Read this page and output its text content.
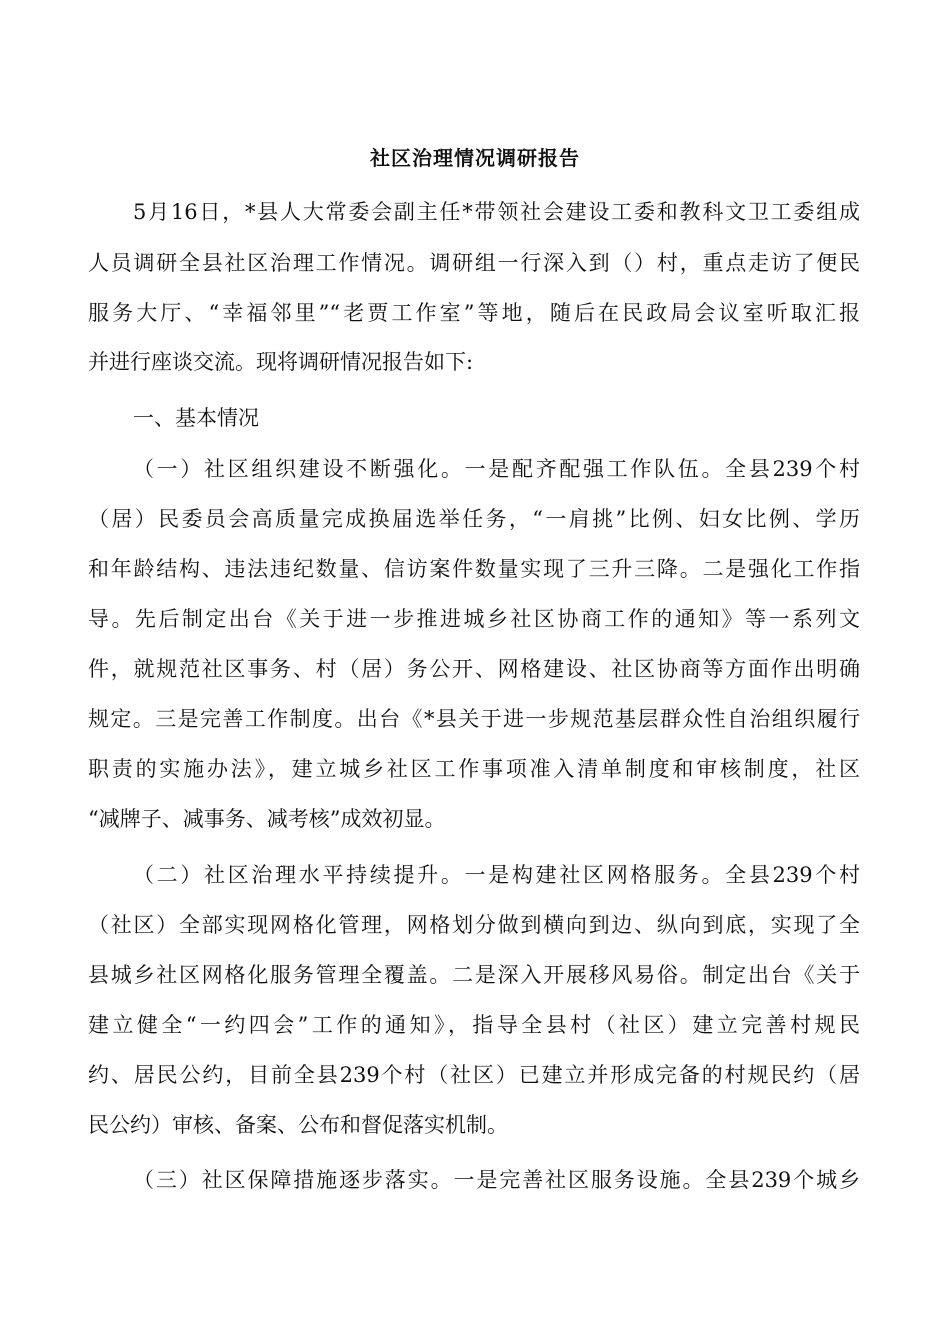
社区治理情况调研报告
5月16日，*县人大常委会副主任*带领社会建设工委和教科文卫工委组成
人员调研全县社区治理工作情况。调研组一行深入到（）村，重点走访了便民
服务大厅、“幸福邻里”“老贾工作室”等地，随后在民政局会议室听取汇报
并进行座谈交流。现将调研情况报告如下:
一、基本情况
（一）社区组织建设不断强化。一是配齐配强工作队伍。全县239个村
（居）民委员会高质量完成换届选举任务，“一肩挑”比例、妇女比例、学历
和年龄结构、违法违纪数量、信访案件数量实现了三升三降。二是强化工作指
导。先后制定出台《关于进一步推进城乡社区协商工作的通知》等一系列文
件，就规范社区事务、村（居）务公开、网格建设、社区协商等方面作出明确
规定。三是完善工作制度。出台《*县关于进一步规范基层群众性自治组织履行
职责的实施办法》，建立城乡社区工作事项准入清单制度和审核制度，社区
“减牌子、减事务、减考核”成效初显。
（二）社区治理水平持续提升。一是构建社区网格服务。全县239个村
（社区）全部实现网格化管理，网格划分做到横向到边、纵向到底，实现了全
县城乡社区网格化服务管理全覆盖。二是深入开展移风易俗。制定出台《关于
建立健全“一约四会”工作的通知》，指导全县村（社区）建立完善村规民
约、居民公约，目前全县239个村（社区）已建立并形成完备的村规民约（居
民公约）审核、备案、公布和督促落实机制。
（三）社区保障措施逐步落实。一是完善社区服务设施。全县239个城乡
